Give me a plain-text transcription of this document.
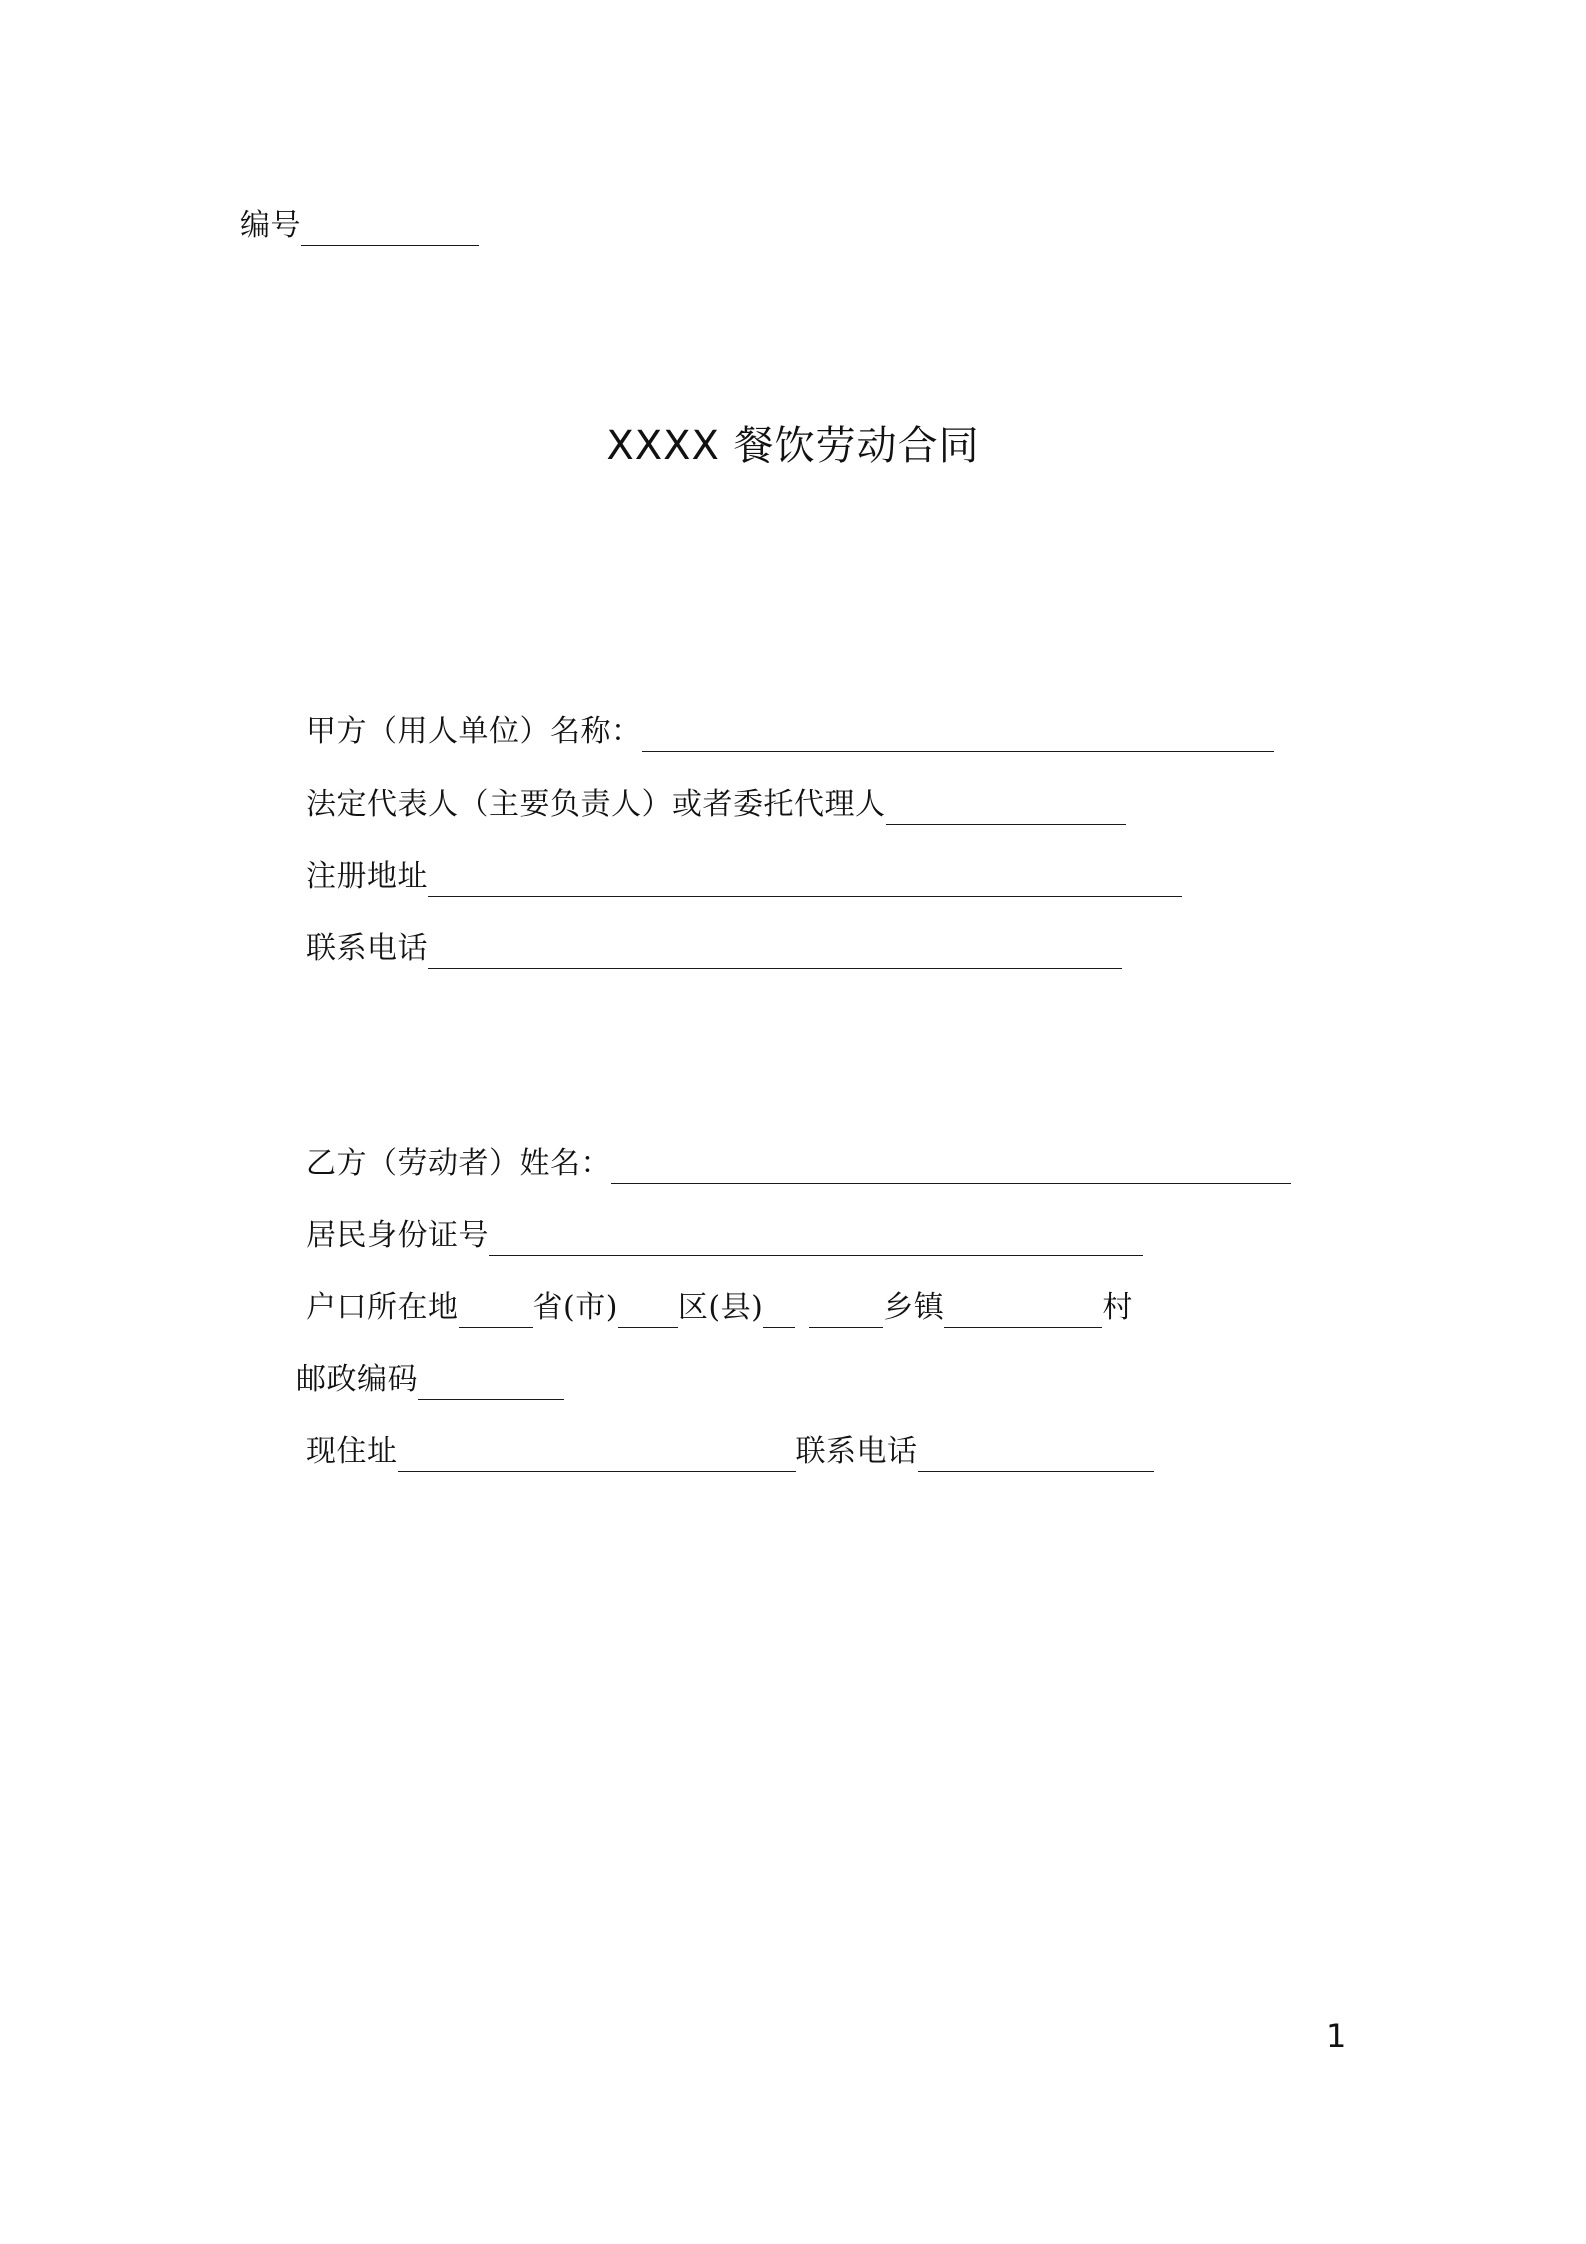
编号
XXXX 餐饮劳动合同
甲方（用人单位）名称：
法定代表人（主要负责人）或者委托代理人
注册地址
联系电话
乙方（劳动者）姓名：
居民身份证号
户口所在地 省(市) 区(县)	乡镇	村
邮政编码
现住址	联系电话
1
